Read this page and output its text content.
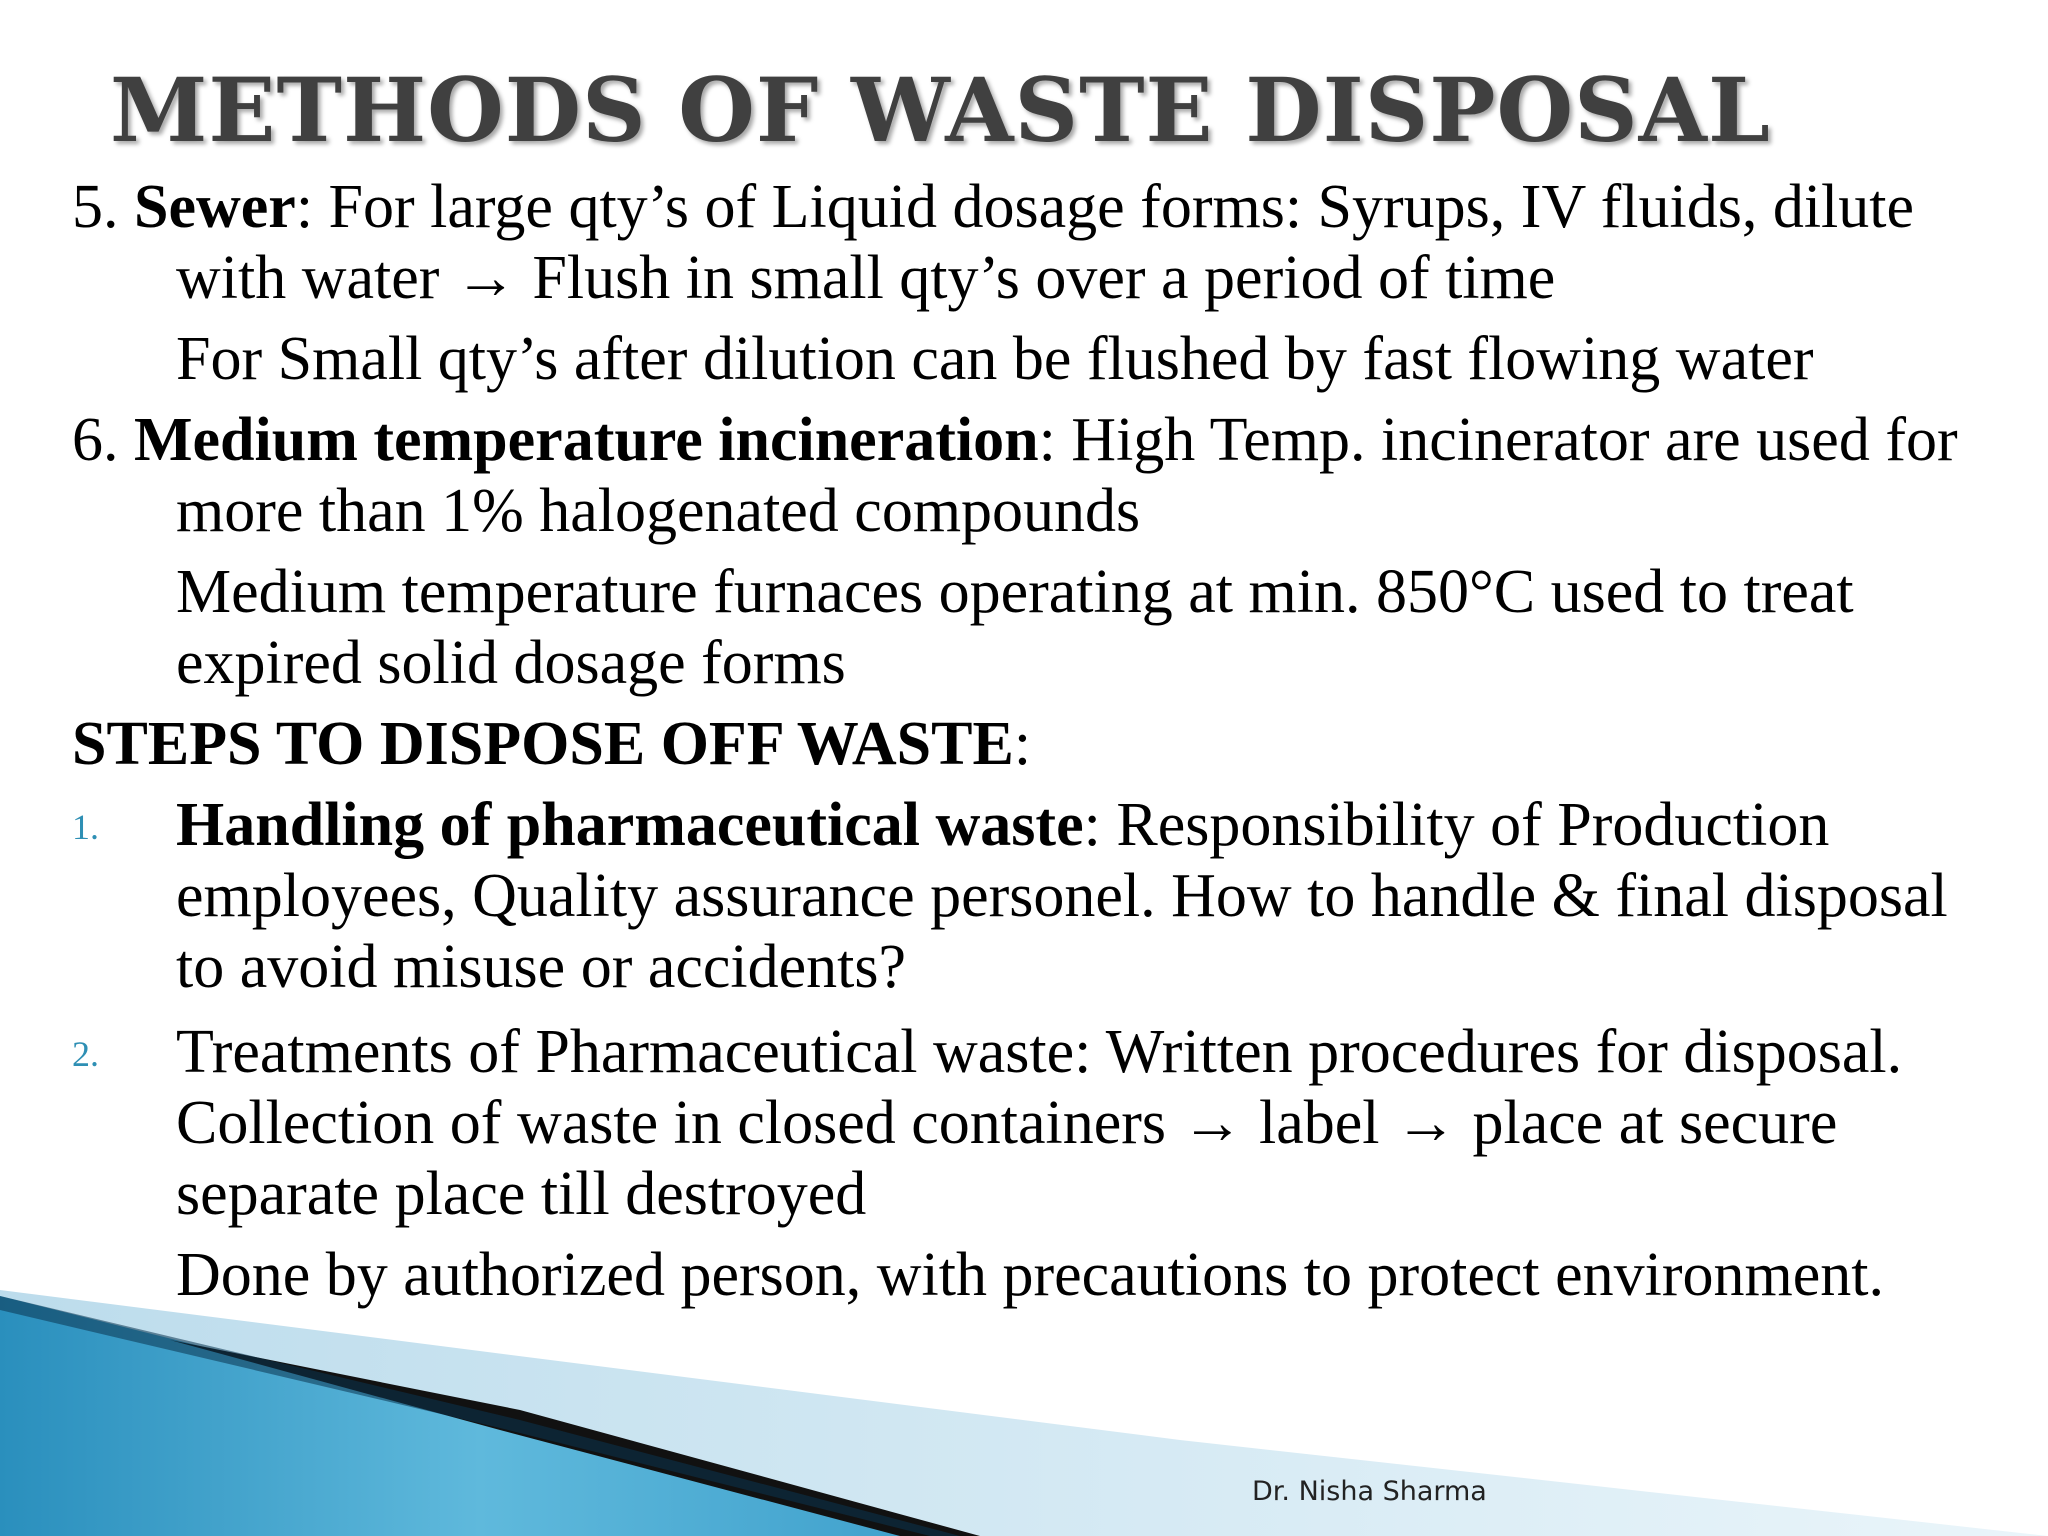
METHODS OF WASTE DISPOSAL
5. Sewer: For large qty’s of Liquid dosage forms: Syrups, IV fluids, dilute with water → Flush in small qty’s over a period of time
For Small qty’s after dilution can be flushed by fast flowing water
6. Medium temperature incineration: High Temp. incinerator are used for more than 1% halogenated compounds
Medium temperature furnaces operating at min. 850°C used to treat expired solid dosage forms
STEPS TO DISPOSE OFF WASTE:
1.	Handling of pharmaceutical waste: Responsibility of Production employees, Quality assurance personel. How to handle & final disposal to avoid misuse or accidents?
2.	Treatments of Pharmaceutical waste: Written procedures for disposal. Collection of waste in closed containers → label → place at secure separate place till destroyed
Done by authorized person, with precautions to protect environment.
Dr. Nisha Sharma
